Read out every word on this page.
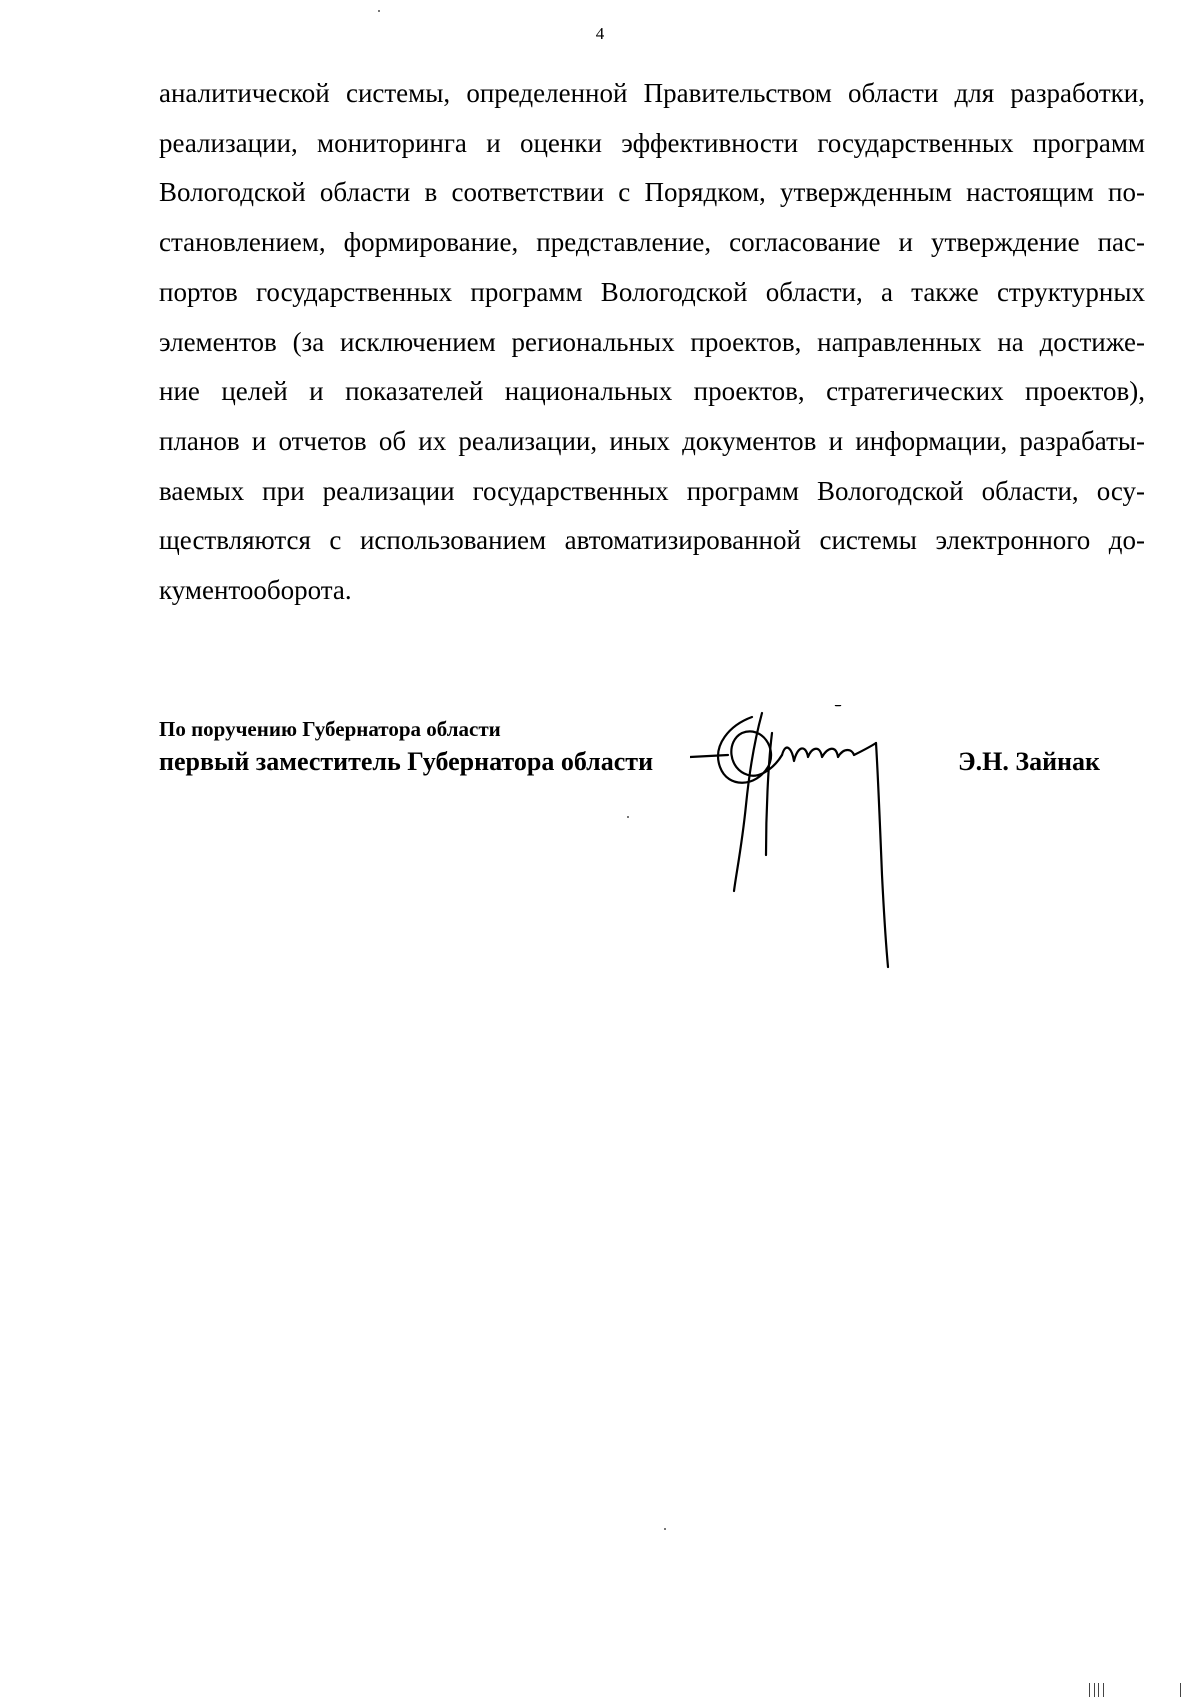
4
аналитической системы, определенной Правительством области для разработки,
реализации, мониторинга и оценки эффективности государственных программ
Вологодской области в соответствии с Порядком, утвержденным настоящим по-
становлением, формирование, представление, согласование и утверждение пас-
портов государственных программ Вологодской области, а также структурных
элементов (за исключением региональных проектов, направленных на достиже-
ние целей и показателей национальных проектов, стратегических проектов),
планов и отчетов об их реализации, иных документов и информации, разрабаты-
ваемых при реализации государственных программ Вологодской области, осу-
ществляются с использованием автоматизированной системы электронного до-
кументооборота.
По поручению Губернатора области
первый заместитель Губернатора области	Э.Н. Зайнак
